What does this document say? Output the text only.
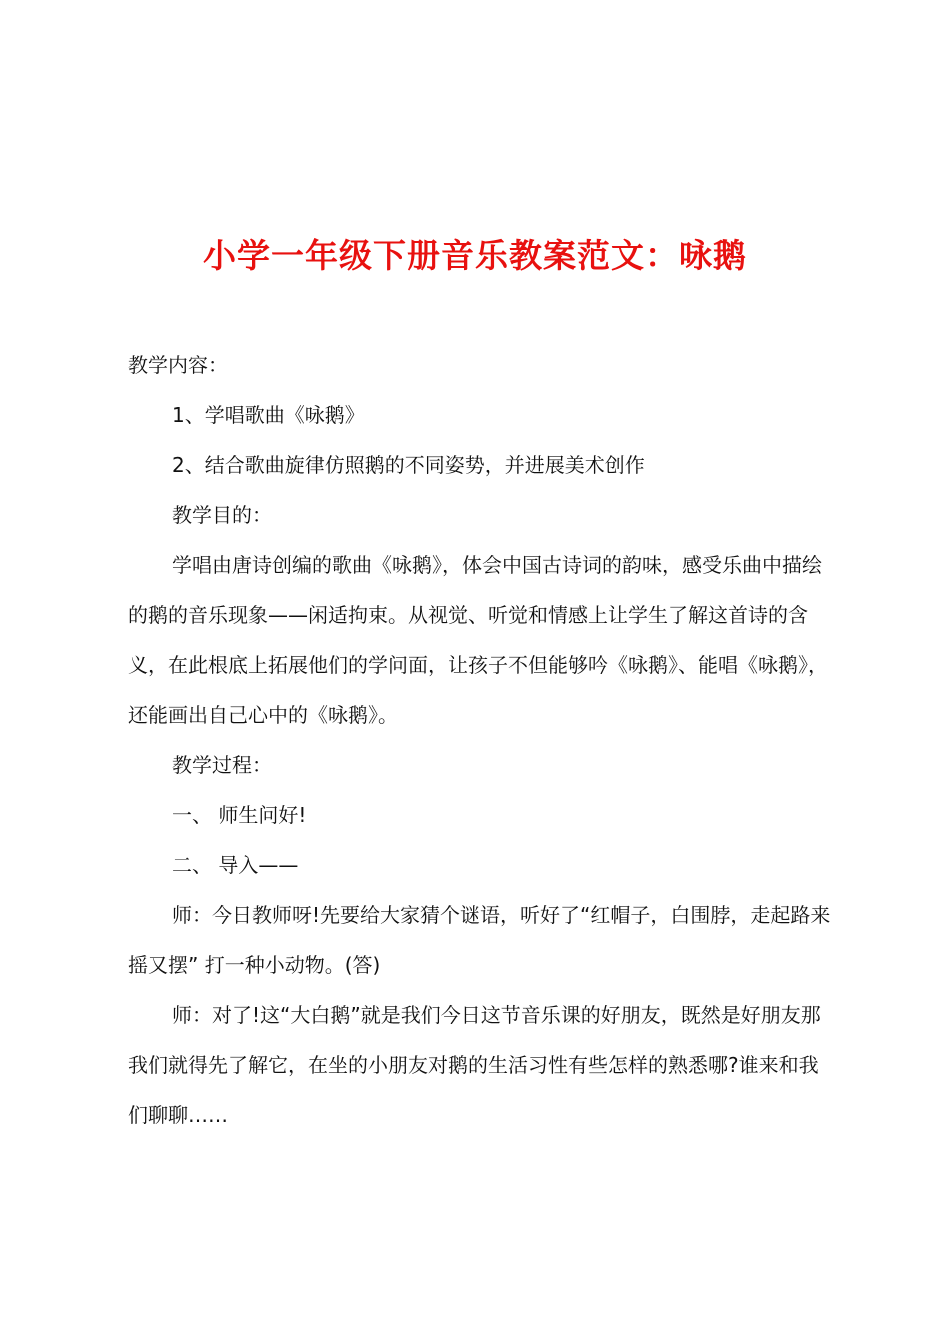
小学一年级下册音乐教案范文：咏鹅

教学内容：

1、学唱歌曲《咏鹅》

2、结合歌曲旋律仿照鹅的不同姿势，并进展美术创作

教学目的：

学唱由唐诗创编的歌曲《咏鹅》，体会中国古诗词的韵味，感受乐曲中描绘的鹅的音乐现象——闲适拘束。从视觉、听觉和情感上让学生了解这首诗的含义，在此根底上拓展他们的学问面，让孩子不但能够吟《咏鹅》、能唱《咏鹅》，还能画出自己心中的《咏鹅》。

教学过程：

一、 师生问好!

二、 导入——

师：今日教师呀!先要给大家猜个谜语，听好了“红帽子，白围脖，走起路来摇又摆” 打一种小动物。(答)

师：对了!这“大白鹅”就是我们今日这节音乐课的好朋友，既然是好朋友那我们就得先了解它，在坐的小朋友对鹅的生活习性有些怎样的熟悉哪?谁来和我们聊聊……
